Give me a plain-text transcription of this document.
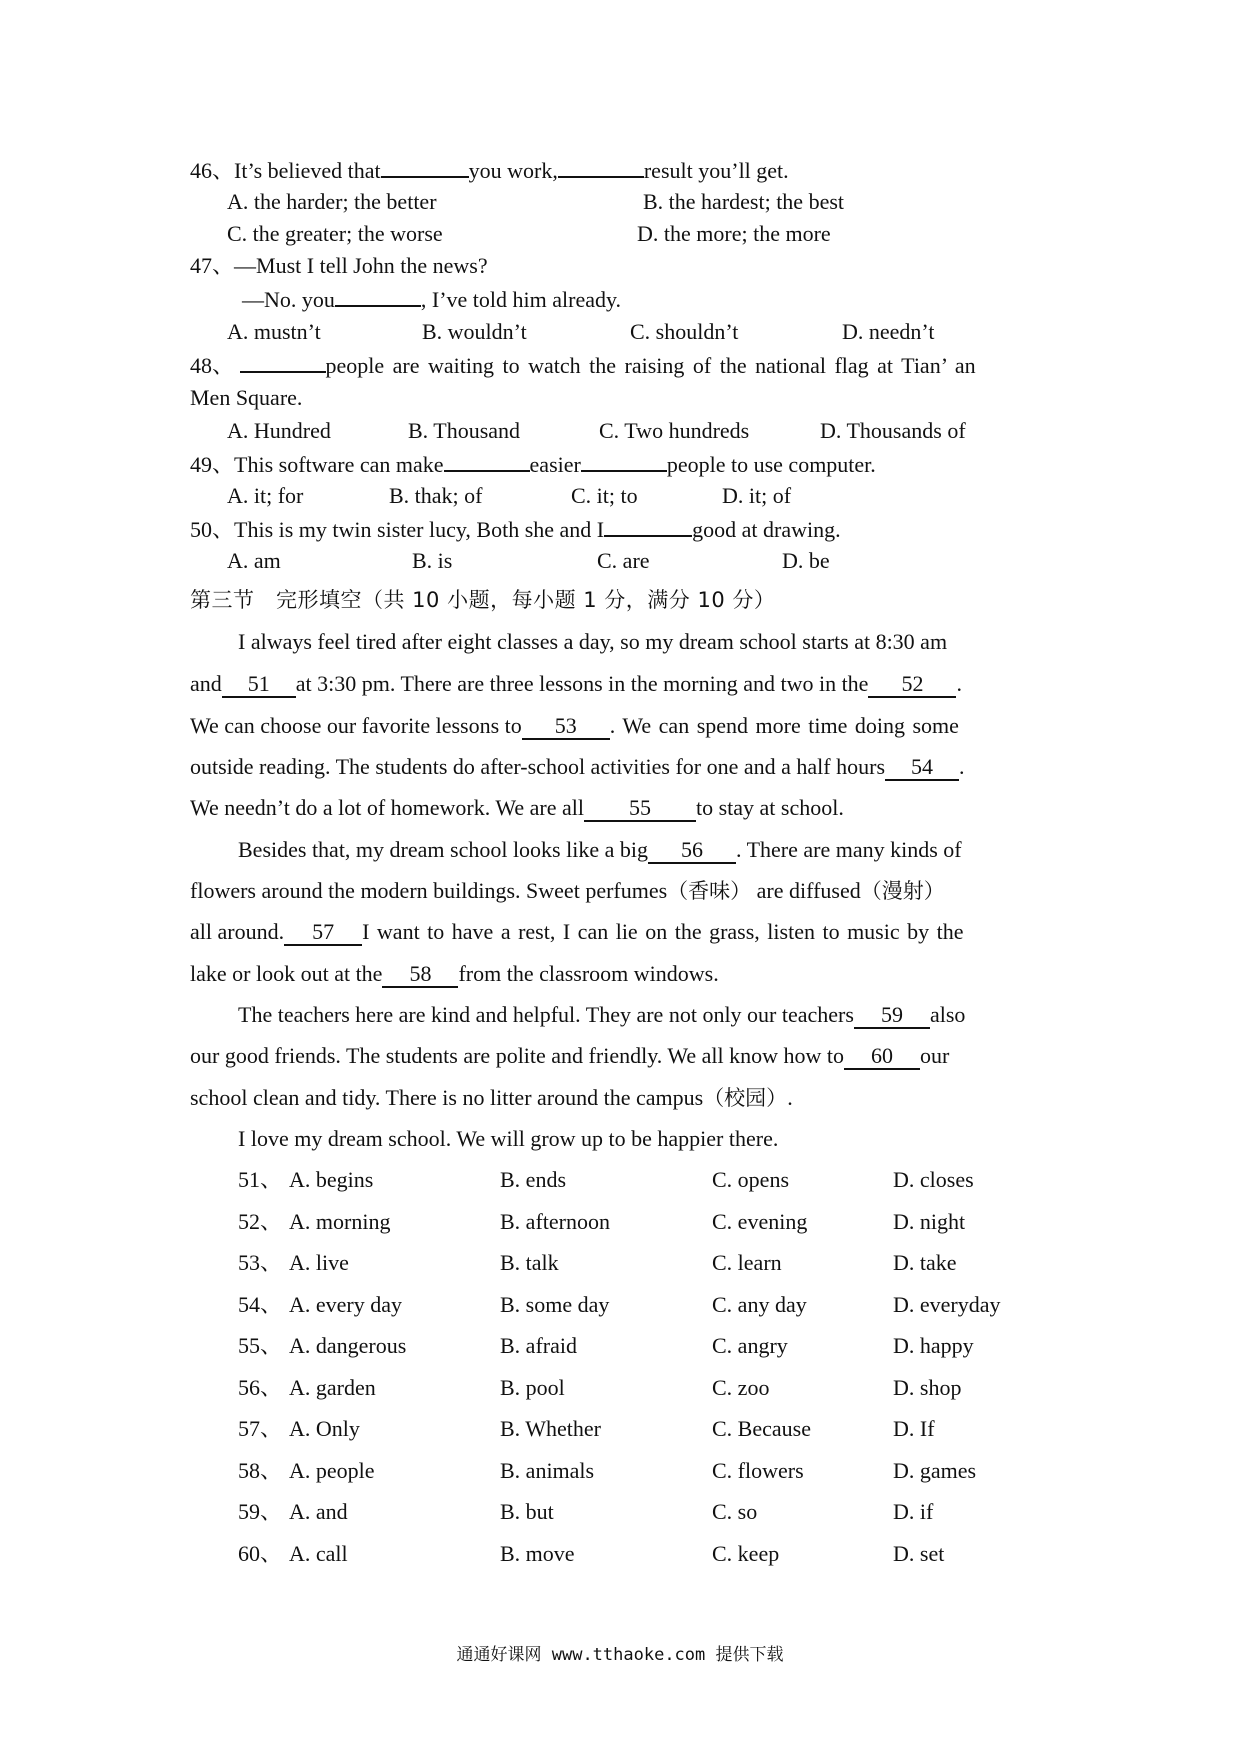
46、It’s believed that	you work,	result you’ll get.
A. the harder; the better	B. the hardest; the best
C. the greater; the worse	D. the more; the more
47、—Must I tell John the news?
—No. you	, I’ve told him already.
A. mustn’t	B. wouldn’t	C. shouldn’t	D. needn’t
48、	people are waiting to watch the raising of the national flag at Tian’ an
Men Square.
A. Hundred	B. Thousand	C. Two hundreds	D. Thousands of
49、This software can make	easier	people to use computer.
A. it; for	B. thak; of	C. it; to	D. it; of
50、This is my twin sister lucy, Both she and I	good at drawing.
A. am	B. is	C. are	D. be
第三节　完形填空（共 10 小题，每小题 1 分，满分 10 分）
I always feel tired after eight classes a day, so my dream school starts at 8:30 am
and 51 at 3:30 pm. There are three lessons in the morning and two in the 52 .
We can choose our favorite lessons to 53 . We can spend more time doing some
outside reading. The students do after-school activities for one and a half hours 54 .
We needn’t do a lot of homework. We are all 55 to stay at school.
Besides that, my dream school looks like a big 56 . There are many kinds of
flowers around the modern buildings. Sweet perfumes（香味） are diffused（漫射）
all around. 57 I want to have a rest, I can lie on the grass, listen to music by the
lake or look out at the 58 from the classroom windows.
The teachers here are kind and helpful. They are not only our teachers 59 also
our good friends. The students are polite and friendly. We all know how to 60 our
school clean and tidy. There is no litter around the campus（校园）.
I love my dream school. We will grow up to be happier there.
51、 A. begins	B. ends	C. opens	D. closes
52、 A. morning	B. afternoon	C. evening	D. night
53、 A. live	B. talk	C. learn	D. take
54、 A. every day	B. some day	C. any day	D. everyday
55、 A. dangerous	B. afraid	C. angry	D. happy
56、 A. garden	B. pool	C. zoo	D. shop
57、 A. Only	B. Whether	C. Because	D. If
58、 A. people	B. animals	C. flowers	D. games
59、 A. and	B. but	C. so	D. if
60、 A. call	B. move	C. keep	D. set
通通好课网 www.tthaoke.com 提供下载
